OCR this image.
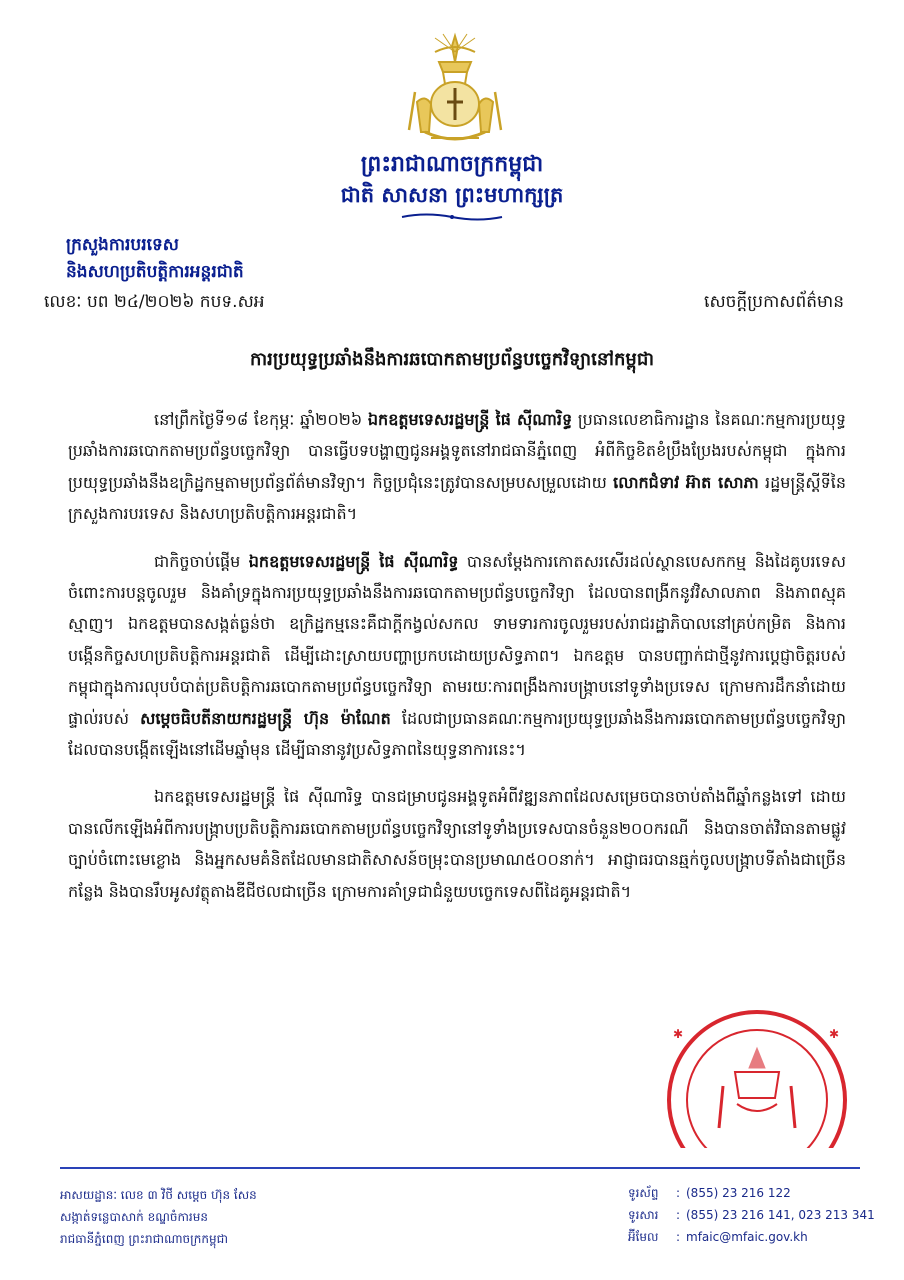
ព្រះរាជាណាចក្រកម្ពុជា
ជាតិ សាសនា ព្រះមហាក្សត្រ
ក្រសួងការបរទេស
និងសហប្រតិបត្តិការអន្តរជាតិ
លេខៈ បព ២៤/២០២៦ កបទ.សអ	សេចក្តីប្រកាសព័ត៌មាន
ការប្រយុទ្ធប្រឆាំងនឹងការឆបោកតាមប្រព័ន្ធបច្ចេកវិទ្យានៅកម្ពុជា

នៅព្រឹកថ្ងៃទី១៨ ខែកុម្ភៈ ឆ្នាំ២០២៦ ឯកឧត្តមទេសរដ្ឋមន្ត្រី ផៃ ស៊ីណារិទ្ធ ប្រធានលេខាធិការដ្ឋាន នៃគណៈកម្មការប្រយុទ្ធប្រឆាំងការឆបោកតាមប្រព័ន្ធបច្ចេកវិទ្យា បានធ្វើបទបង្ហាញជូនអង្គទូតនៅរាជធានីភ្នំពេញ អំពីកិច្ចខិតខំប្រឹងប្រែងរបស់កម្ពុជា ក្នុងការប្រយុទ្ធប្រឆាំងនឹងឧក្រិដ្ឋកម្មតាមប្រព័ន្ធព័ត៌មានវិទ្យា។ កិច្ចប្រជុំនេះត្រូវបានសម្របសម្រួលដោយ លោកជំទាវ អ៊ាត សោភា រដ្ឋមន្ត្រីស្តីទីនៃក្រសួងការបរទេស និងសហប្រតិបត្តិការអន្តរជាតិ។

ជាកិច្ចចាប់ផ្តើម ឯកឧត្តមទេសរដ្ឋមន្ត្រី ផៃ ស៊ីណារិទ្ធ បានសម្តែងការកោតសរសើរដល់ស្ថានបេសកកម្ម និងដៃគូបរទេស ចំពោះការបន្តចូលរួម និងគាំទ្រក្នុងការប្រយុទ្ធប្រឆាំងនឹងការឆបោកតាមប្រព័ន្ធបច្ចេកវិទ្យា ដែលបានពង្រីកនូវវិសាលភាព និងភាពស្មុគស្មាញ។ ឯកឧត្តមបានសង្កត់ធ្ងន់ថា ឧក្រិដ្ឋកម្មនេះគឺជាក្តីកង្វល់សកល ទាមទារការចូលរួមរបស់រាជរដ្ឋាភិបាលនៅគ្រប់កម្រិត និងការបង្កើនកិច្ចសហប្រតិបត្តិការអន្តរជាតិ ដើម្បីដោះស្រាយបញ្ហាប្រកបដោយប្រសិទ្ធភាព។ ឯកឧត្តម បានបញ្ជាក់ជាថ្មីនូវការប្តេជ្ញាចិត្តរបស់កម្ពុជាក្នុងការលុបបំបាត់ប្រតិបត្តិការឆបោកតាមប្រព័ន្ធបច្ចេកវិទ្យា តាមរយៈការពង្រឹងការបង្ក្រាបនៅទូទាំងប្រទេស ក្រោមការដឹកនាំដោយផ្ទាល់របស់ សម្តេចធិបតីនាយករដ្ឋមន្ត្រី ហ៊ុន ម៉ាណែត ដែលជាប្រធានគណៈកម្មការប្រយុទ្ធប្រឆាំងនឹងការឆបោកតាមប្រព័ន្ធបច្ចេកវិទ្យា ដែលបានបង្កើតឡើងនៅដើមឆ្នាំមុន ដើម្បីធានានូវប្រសិទ្ធភាពនៃយុទ្ធនាការនេះ។

ឯកឧត្តមទេសរដ្ឋមន្ត្រី ផៃ ស៊ីណារិទ្ធ បានជម្រាបជូនអង្គទូតអំពីវឌ្ឍនភាពដែលសម្រេចបានចាប់តាំងពីឆ្នាំកន្លងទៅ ដោយបានលើកឡើងអំពីការបង្ក្រាបប្រតិបត្តិការឆបោកតាមប្រព័ន្ធបច្ចេកវិទ្យានៅទូទាំងប្រទេសបានចំនួន២០០ករណី និងបានចាត់វិធានតាមផ្លូវច្បាប់ចំពោះមេខ្លោង និងអ្នកសមគំនិតដែលមានជាតិសាសន៍ចម្រុះបានប្រមាណ៥០០នាក់។ អាជ្ញាធរបានឆ្មក់ចូលបង្ក្រាបទីតាំងជាច្រើនកន្លែង និងបានរឹបអូសវត្ថុតាងឌីជីថលជាច្រើន ក្រោមការគាំទ្រជាជំនួយបច្ចេកទេសពីដៃគូអន្តរជាតិ។

✱	✱
អាសយដ្ឋានៈ លេខ ៣ វិថី សម្តេច ហ៊ុន សែន
សង្កាត់ទន្លេបាសាក់ ខណ្ឌចំការមន
រាជធានីភ្នំពេញ ព្រះរាជាណាចក្រកម្ពុជា
ទូរស័ព្ទ	: (855) 23 216 122
ទូរសារ	: (855) 23 216 141, 023 213 341
អ៊ីមែល	: mfaic@mfaic.gov.kh
